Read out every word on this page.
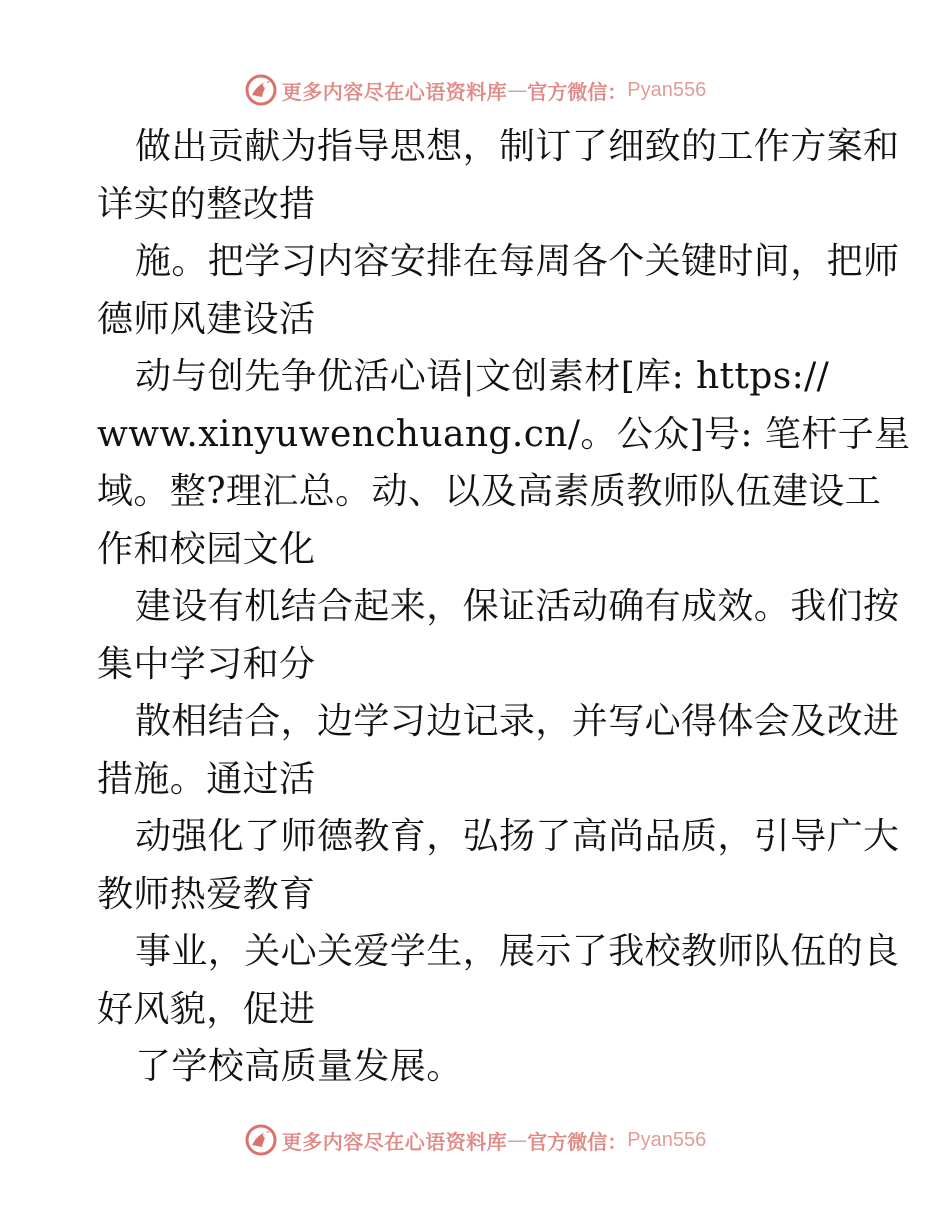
更多内容尽在心语资料库 — 官方微信： Pyan556
做出贡献为指导思想，制订了细致的工作方案和
详实的整改措
施。把学习内容安排在每周各个关键时间，把师
德师风建设活
动与创先争优活心语|文创素材[库: https://
www.xinyuwenchuang.cn/。公众]号: 笔杆子星
域。整?理汇总。动、以及高素质教师队伍建设工
作和校园文化
建设有机结合起来，保证活动确有成效。我们按
集中学习和分
散相结合，边学习边记录，并写心得体会及改进
措施。通过活
动强化了师德教育，弘扬了高尚品质，引导广大
教师热爱教育
事业，关心关爱学生，展示了我校教师队伍的良
好风貌，促进
了学校高质量发展。
更多内容尽在心语资料库 — 官方微信： Pyan556
